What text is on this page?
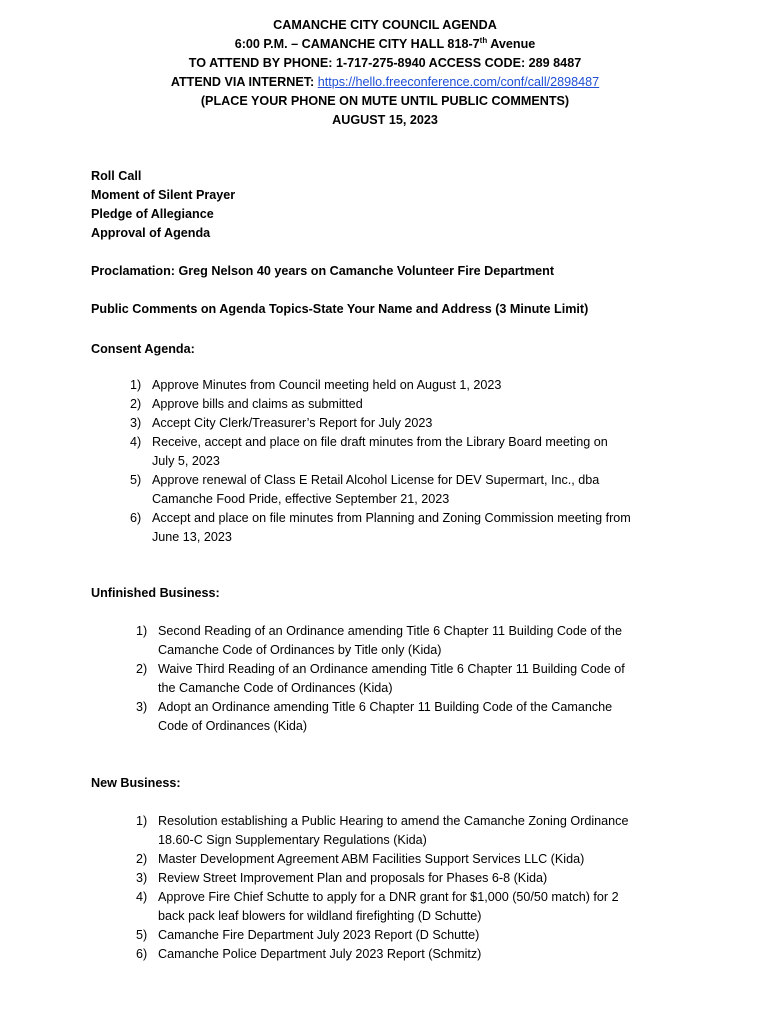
CAMANCHE CITY COUNCIL AGENDA
6:00 P.M. – CAMANCHE CITY HALL 818-7th Avenue
TO ATTEND BY PHONE: 1-717-275-8940 ACCESS CODE: 289 8487
ATTEND VIA INTERNET: https://hello.freeconference.com/conf/call/2898487
(PLACE YOUR PHONE ON MUTE UNTIL PUBLIC COMMENTS)
AUGUST 15, 2023
Roll Call
Moment of Silent Prayer
Pledge of Allegiance
Approval of Agenda
Proclamation: Greg Nelson 40 years on Camanche Volunteer Fire Department
Public Comments on Agenda Topics-State Your Name and Address (3 Minute Limit)
Consent Agenda:
1) Approve Minutes from Council meeting held on August 1, 2023
2) Approve bills and claims as submitted
3) Accept City Clerk/Treasurer’s Report for July 2023
4) Receive, accept and place on file draft minutes from the Library Board meeting on
July 5, 2023
5) Approve renewal of Class E Retail Alcohol License for DEV Supermart, Inc., dba
Camanche Food Pride, effective September 21, 2023
6) Accept and place on file minutes from Planning and Zoning Commission meeting from
June 13, 2023
Unfinished Business:
1) Second Reading of an Ordinance amending Title 6 Chapter 11 Building Code of the
Camanche Code of Ordinances by Title only (Kida)
2) Waive Third Reading of an Ordinance amending Title 6 Chapter 11 Building Code of
the Camanche Code of Ordinances (Kida)
3) Adopt an Ordinance amending Title 6 Chapter 11 Building Code of the Camanche
Code of Ordinances (Kida)
New Business:
1) Resolution establishing a Public Hearing to amend the Camanche Zoning Ordinance
18.60-C Sign Supplementary Regulations (Kida)
2) Master Development Agreement ABM Facilities Support Services LLC (Kida)
3) Review Street Improvement Plan and proposals for Phases 6-8 (Kida)
4) Approve Fire Chief Schutte to apply for a DNR grant for $1,000 (50/50 match) for 2
back pack leaf blowers for wildland firefighting (D Schutte)
5) Camanche Fire Department July 2023 Report (D Schutte)
6) Camanche Police Department July 2023 Report (Schmitz)
